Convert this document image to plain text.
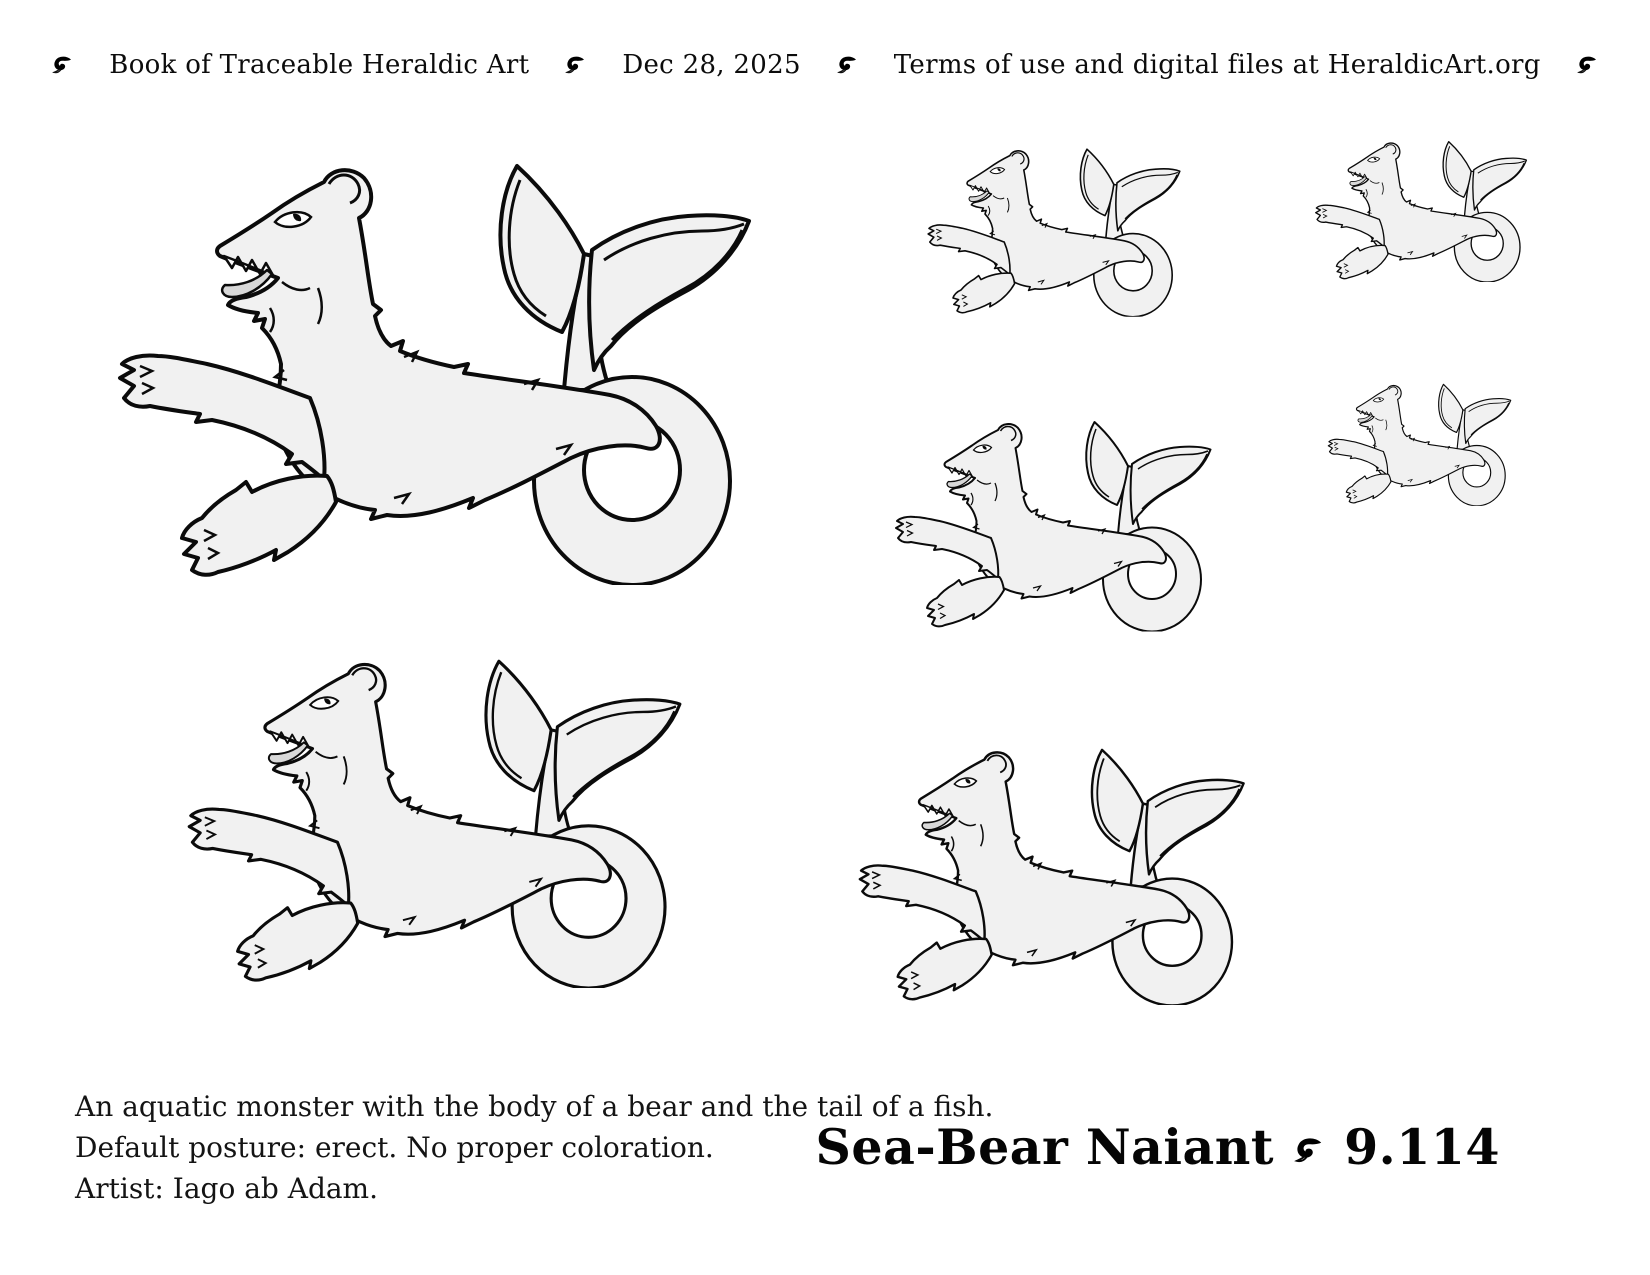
Book of Traceable Heraldic Art	Dec 28, 2025	Terms of use and digital files at HeraldicArt.org
An aquatic monster with the body of a bear and the tail of a fish.
Default posture: erect. No proper coloration.
Artist: Iago ab Adam.
Sea-Bear Naiant 9.114
